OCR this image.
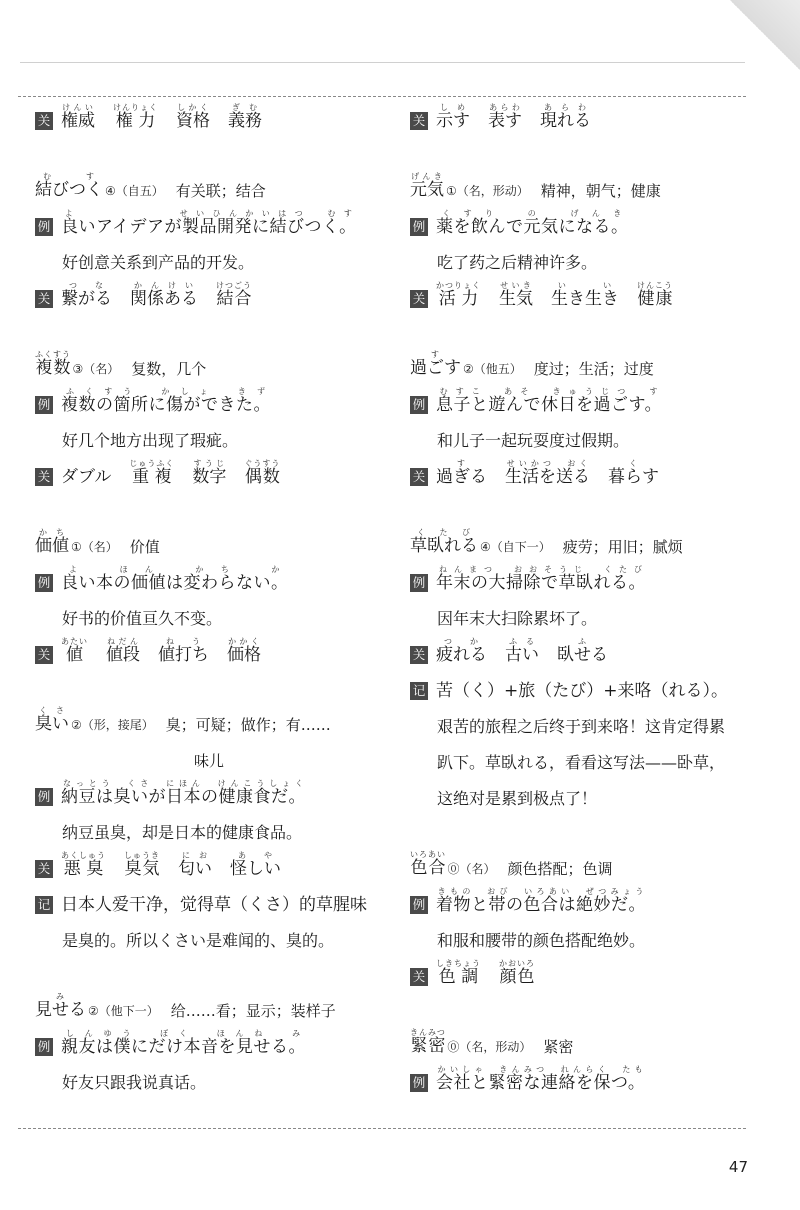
关 権威けんい
権力けんりょく
資格しかく
義務ぎむ
結びつくむす④（自五） 有关联；结合
例 良いアイデアが製品開発に結びつく。よ　　　　　　せいひんかいはつ　むす
好创意关系到产品的开发。
关 繋がるつな
関係あるかんけい
結合けつごう
複数ふくすう③（名） 复数，几个
例 複数の箇所に傷ができた。ふくすう　かしょ　きず
好几个地方出现了瑕疵。
关 ダブル 重複じゅうふく
数字すうじ
偶数ぐうすう
価値かち①（名） 价值
例 良い本の価値は変わらない。よ　ほん　かち　か
好书的价值亘久不变。
关 値あたい
値段ねだん
値打ちねう
価格かかく
臭いくさ②（形，接尾） 臭；可疑；做作；有……
味儿
例 納豆は臭いが日本の健康食だ。なっとう　くさ　にほん　けんこうしょく
纳豆虽臭，却是日本的健康食品。
关 悪臭あくしゅう
臭気しゅうき
匂いにお
怪しいあや
记 日本人爱干净，觉得草（くさ）的草腥味
是臭的。所以くさい是难闻的、臭的。
見せるみ②（他下一） 给……看；显示；装样子
例 親友は僕にだけ本音を見せる。しんゆう　ぼく　ほんね　み
好友只跟我说真话。
关 示すしめ
表すあらわ
現れるあらわ
元気げんき①（名，形动） 精神，朝气；健康
例 薬を飲んで元気になる。くすり　の　げんき
吃了药之后精神许多。
关 活力かつりょく
生気せいき
生き生きい　い
健康けんこう
過ごすす②（他五） 度过；生活；过度
例 息子と遊んで休日を過ごす。むすこ　あそ　きゅうじつ　す
和儿子一起玩耍度过假期。
关 過ぎるす
生活を送るせいかつ　おく
暮らすく
草臥れるくたび④（自下一） 疲劳；用旧；腻烦
例 年末の大掃除で草臥れる。ねんまつ　おおそうじ　くたび
因年末大扫除累坏了。
关 疲れるつか
古いふる
臥せるふ
记 苦（く）+旅（たび）+来咯（れる）。
艰苦的旅程之后终于到来咯！这肯定得累
趴下。草臥れる，看看这写法——卧草，
这绝对是累到极点了！
色合いろあい⓪（名） 颜色搭配；色调
例 着物と帯の色合は絶妙だ。きもの　おび　いろあい　ぜつみょう
和服和腰带的颜色搭配绝妙。
关 色調しきちょう
顔色かおいろ
緊密きんみつ⓪（名，形动） 紧密
例 会社と緊密な連絡を保つ。かいしゃ　きんみつ　れんらく　たも
47
